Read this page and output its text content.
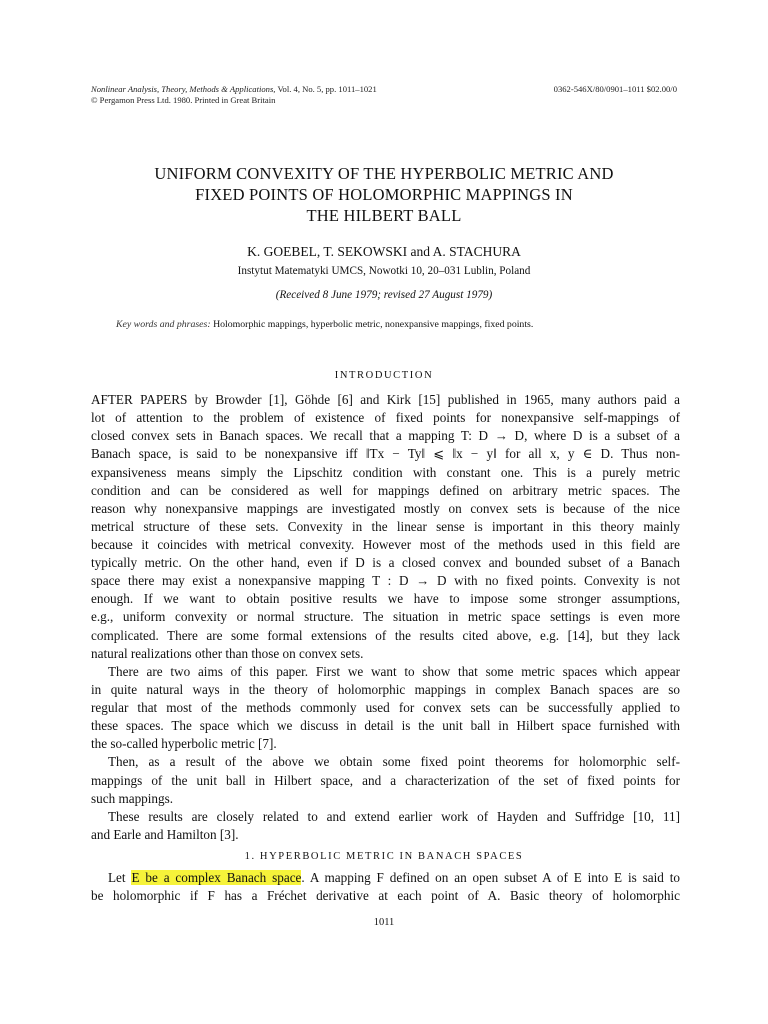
Nonlinear Analysis, Theory, Methods & Applications, Vol. 4, No. 5, pp. 1011–1021
© Pergamon Press Ltd. 1980. Printed in Great Britain
0362-546X/80/0901–1011 $02.00/0
UNIFORM CONVEXITY OF THE HYPERBOLIC METRIC AND
FIXED POINTS OF HOLOMORPHIC MAPPINGS IN
THE HILBERT BALL
K. GOEBEL, T. SEKOWSKI and A. STACHURA
Instytut Matematyki UMCS, Nowotki 10, 20–031 Lublin, Poland
(Received 8 June 1979; revised 27 August 1979)
Key words and phrases: Holomorphic mappings, hyperbolic metric, nonexpansive mappings, fixed points.
INTRODUCTION
AFTER PAPERS by Browder [1], Göhde [6] and Kirk [15] published in 1965, many authors paid a
lot of attention to the problem of existence of fixed points for nonexpansive self-mappings of
closed convex sets in Banach spaces. We recall that a mapping T: D → D, where D is a subset of a
Banach space, is said to be nonexpansive iff ‖Tx − Ty‖ ⩽ ‖x − y‖ for all x, y ∈ D. Thus non-
expansiveness means simply the Lipschitz condition with constant one. This is a purely metric
condition and can be considered as well for mappings defined on arbitrary metric spaces. The
reason why nonexpansive mappings are investigated mostly on convex sets is because of the nice
metrical structure of these sets. Convexity in the linear sense is important in this theory mainly
because it coincides with metrical convexity. However most of the methods used in this field are
typically metric. On the other hand, even if D is a closed convex and bounded subset of a Banach
space there may exist a nonexpansive mapping T : D → D with no fixed points. Convexity is not
enough. If we want to obtain positive results we have to impose some stronger assumptions,
e.g., uniform convexity or normal structure. The situation in metric space settings is even more
complicated. There are some formal extensions of the results cited above, e.g. [14], but they lack
natural realizations other than those on convex sets.
There are two aims of this paper. First we want to show that some metric spaces which appear
in quite natural ways in the theory of holomorphic mappings in complex Banach spaces are so
regular that most of the methods commonly used for convex sets can be successfully applied to
these spaces. The space which we discuss in detail is the unit ball in Hilbert space furnished with
the so-called hyperbolic metric [7].
Then, as a result of the above we obtain some fixed point theorems for holomorphic self-
mappings of the unit ball in Hilbert space, and a characterization of the set of fixed points for
such mappings.
These results are closely related to and extend earlier work of Hayden and Suffridge [10, 11]
and Earle and Hamilton [3].
1. HYPERBOLIC METRIC IN BANACH SPACES
Let E be a complex Banach space. A mapping F defined on an open subset A of E into E is said to
be holomorphic if F has a Fréchet derivative at each point of A. Basic theory of holomorphic
1011
